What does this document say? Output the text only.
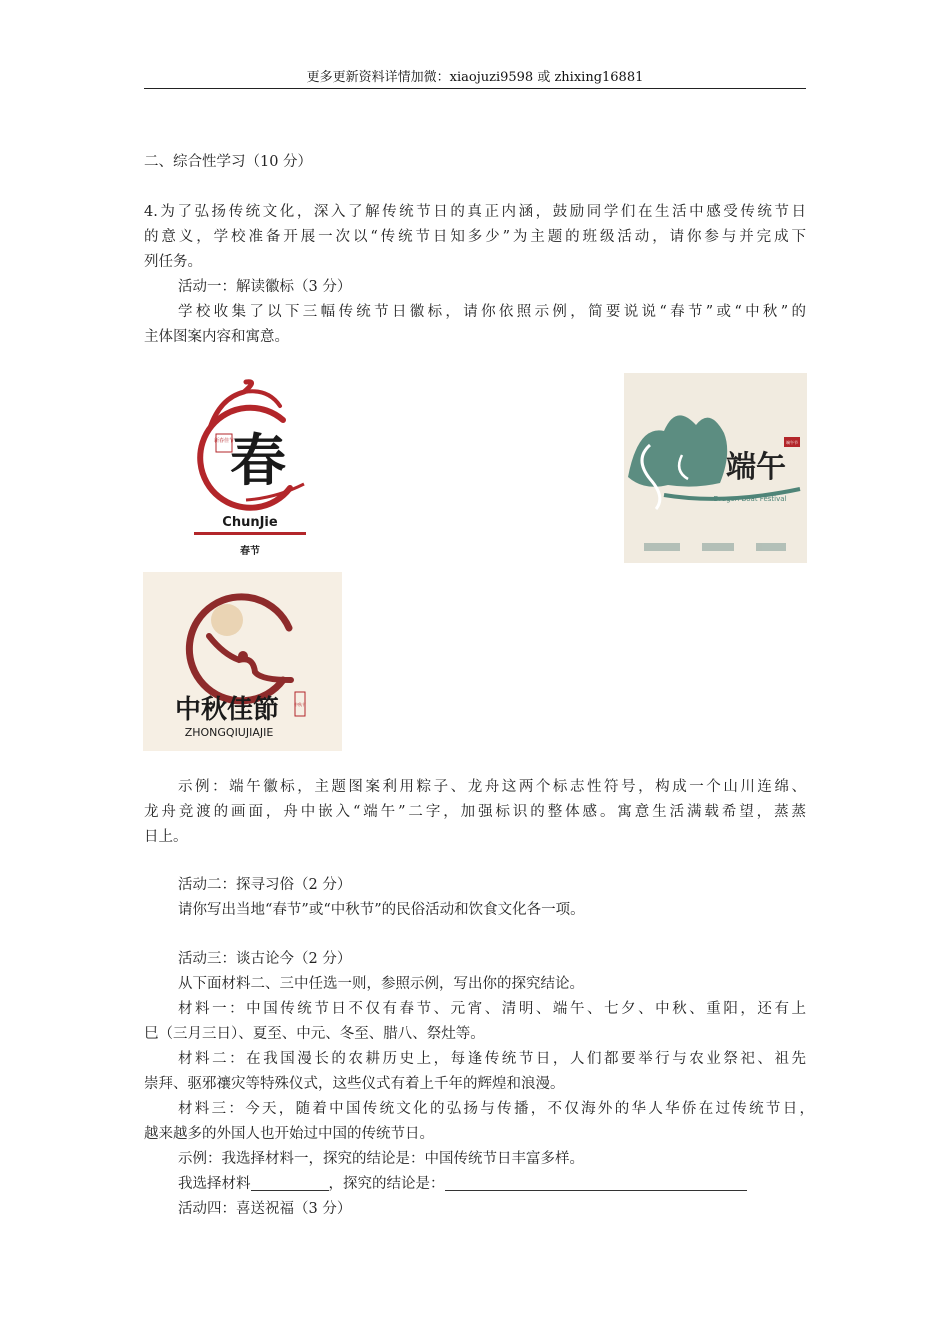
更多更新资料详情加微：xiaojuzi9598 或 zhixing16881
二、综合性学习（10 分）
4.为了弘扬传统文化，深入了解传统节日的真正内涵，鼓励同学们在生活中感受传统节日
的意义，学校准备开展一次以“传统节日知多少”为主题的班级活动，请你参与并完成下
列任务。
活动一：解读徽标（3 分）
学校收集了以下三幅传统节日徽标，请你依照示例，简要说说“春节”或“中秋”的
主体图案内容和寓意。
新春佳节
春
ChunJie
春节
端午
端午节
Dragon Boat Festival
中秋佳節	中秋节
ZHONGQIUJIAJIE
示例：端午徽标，主题图案利用粽子、龙舟这两个标志性符号，构成一个山川连绵、
龙舟竞渡的画面，舟中嵌入“端午”二字，加强标识的整体感。寓意生活满载希望，蒸蒸
日上。
活动二：探寻习俗（2 分）
请你写出当地“春节”或“中秋节”的民俗活动和饮食文化各一项。
活动三：谈古论今（2 分）
从下面材料二、三中任选一则，参照示例，写出你的探究结论。
材料一：中国传统节日不仅有春节、元宵、清明、端午、七夕、中秋、重阳，还有上
巳（三月三日）、夏至、中元、冬至、腊八、祭灶等。
材料二：在我国漫长的农耕历史上，每逢传统节日，人们都要举行与农业祭祀、祖先
崇拜、驱邪禳灾等特殊仪式，这些仪式有着上千年的辉煌和浪漫。
材料三：今天，随着中国传统文化的弘扬与传播，不仅海外的华人华侨在过传统节日，
越来越多的外国人也开始过中国的传统节日。
示例：我选择材料一，探究的结论是：中国传统节日丰富多样。
我选择材料	，探究的结论是：
活动四：喜送祝福（3 分）
